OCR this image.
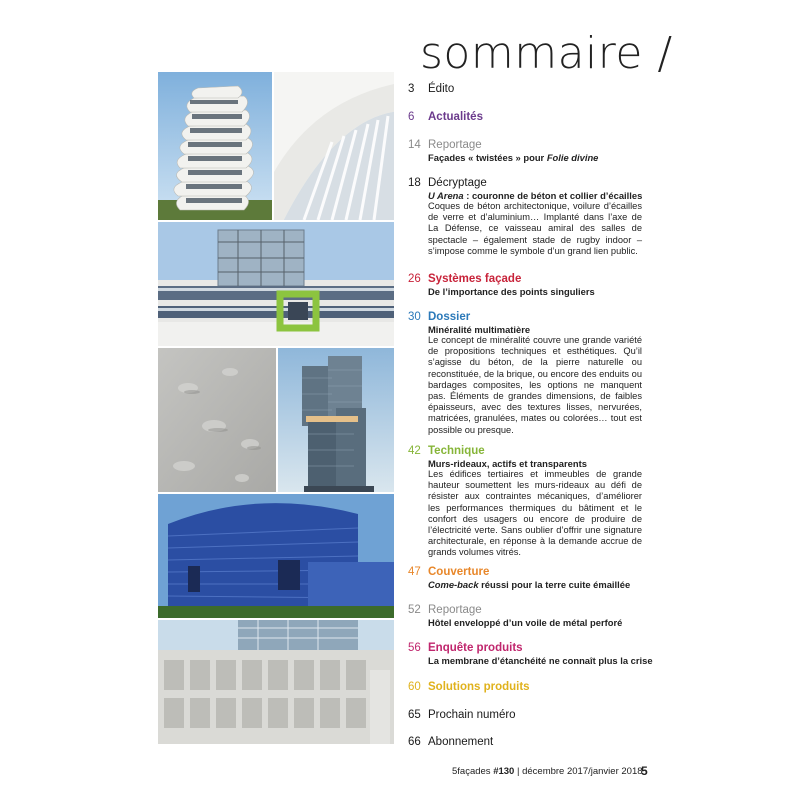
sommaire /
3	Édito
6	Actualités
14 Reportage
Façades « twistées » pour Folie divine
18 Décryptage
U Arena : couronne de béton et collier d’écailles
Coques de béton architectonique, voilure d’écailles de verre et d’aluminium… Implanté dans l’axe de La Défense, ce vaisseau amiral des salles de spectacle – également stade de rugby indoor – s’impose comme le symbole d’un grand lien public.
26 Systèmes façade
De l’importance des points singuliers
30 Dossier
Minéralité multimatière
Le concept de minéralité couvre une grande variété de propositions techniques et esthétiques. Qu’il s’agisse du béton, de la pierre naturelle ou reconstituée, de la brique, ou encore des enduits ou bardages composites, les options ne manquent pas. Éléments de grandes dimensions, de faibles épaisseurs, avec des textures lisses, nervurées, matricées, granulées, mates ou colorées… tout est possible ou presque.
42 Technique
Murs-rideaux, actifs et transparents
Les édifices tertiaires et immeubles de grande hauteur soumettent les murs-rideaux au défi de résister aux contraintes mécaniques, d’améliorer les performances thermiques du bâtiment et le confort des usagers ou encore de produire de l’électricité verte. Sans oublier d’offrir une signature architecturale, en réponse à la demande accrue de grands volumes vitrés.
47 Couverture
Come-back réussi pour la terre cuite émaillée
52 Reportage
Hôtel enveloppé d’un voile de métal perforé
56 Enquête produits
La membrane d’étanchéité ne connaît plus la crise
60 Solutions produits
65 Prochain numéro
66 Abonnement
5façades #130 | décembre 2017/janvier 2018
5
